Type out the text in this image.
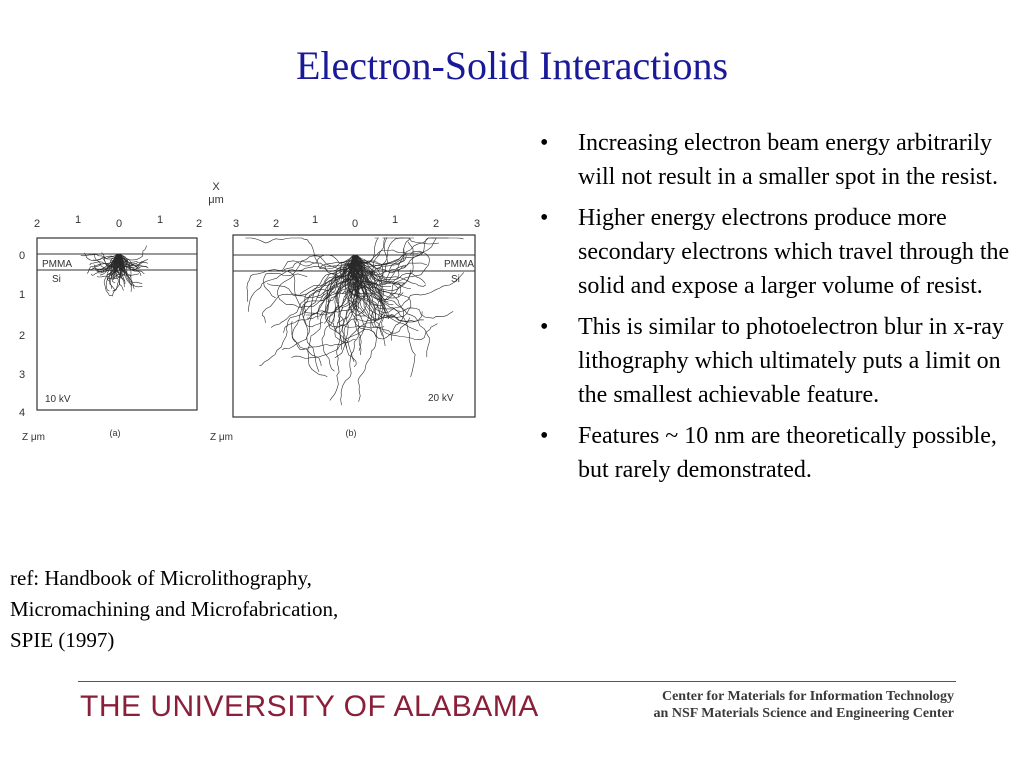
Electron-Solid Interactions
X
μm
2	1	0	1	2
PMMA
Si
0
1
2
3
4
10 kV
Z μm	(a)
3	2	1	0	1	2	3
PMMA
Si
20 kV
Z μm	(b)
ref: Handbook of Microlithography,
Micromachining and Microfabrication,
SPIE (1997)
• Increasing electron beam energy arbitrarily will not result in a smaller spot in the resist.
• Higher energy electrons produce more secondary electrons which travel through the solid and expose a larger volume of resist.
• This is similar to photoelectron blur in x-ray lithography which ultimately puts a limit on the smallest achievable feature.
• Features ~ 10 nm are theoretically possible, but rarely demonstrated.
THE UNIVERSITY OF ALABAMA	Center for Materials for Information Technology
an NSF Materials Science and Engineering Center
